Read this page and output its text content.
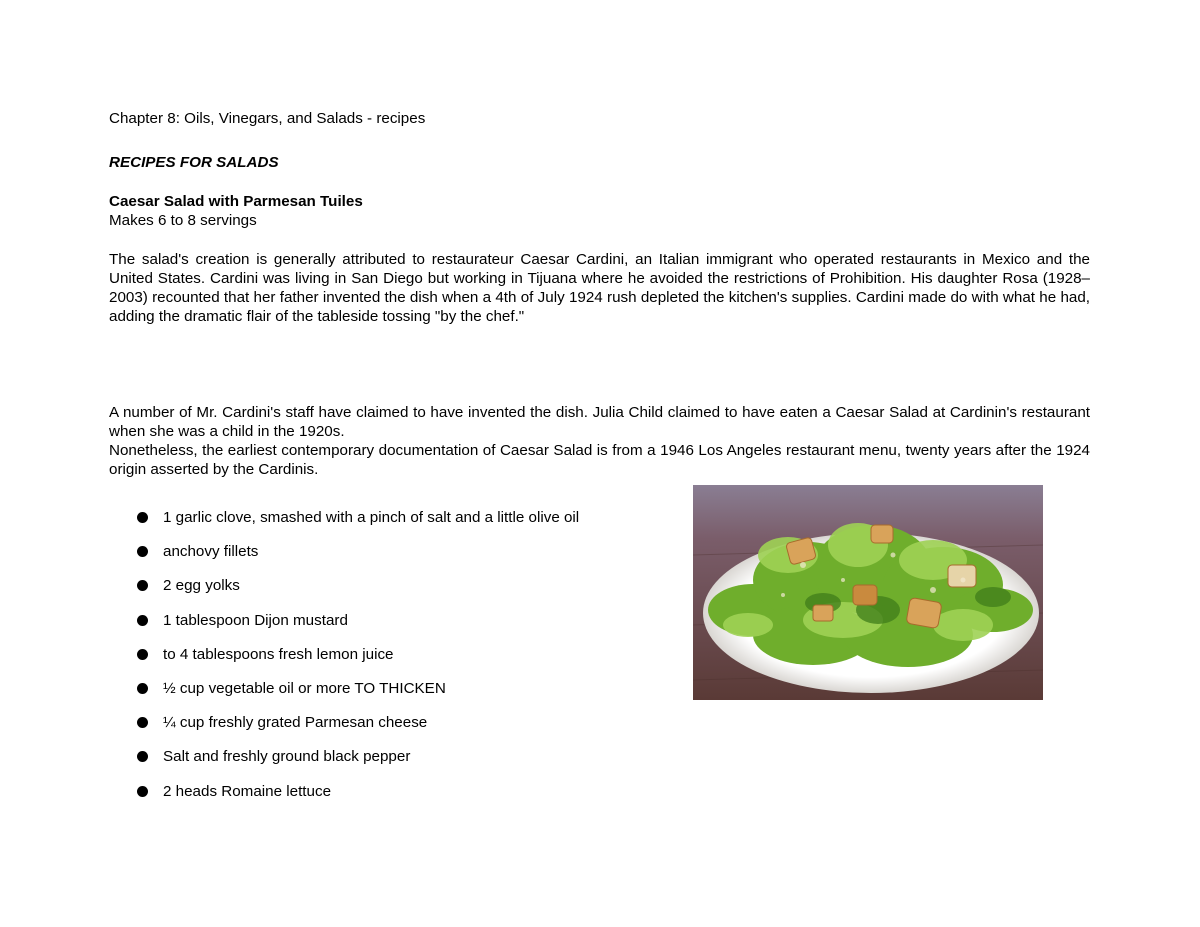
Chapter 8: Oils, Vinegars, and Salads - recipes

RECIPES FOR SALADS

Caesar Salad with Parmesan Tuiles

Makes 6 to 8 servings

The salad's creation is generally attributed to restaurateur Caesar Cardini, an Italian immigrant who operated restaurants in Mexico and the United States. Cardini was living in San Diego but working in Tijuana where he avoided the restrictions of Prohibition. His daughter Rosa (1928–2003) recounted that her father invented the dish when a 4th of July 1924 rush depleted the kitchen's supplies. Cardini made do with what he had, adding the dramatic flair of the tableside tossing "by the chef."

A number of Mr. Cardini's staff have claimed to have invented the dish. Julia Child claimed to have eaten a Caesar Salad at Cardinin's restaurant when she was a child in the 1920s.

Nonetheless, the earliest contemporary documentation of Caesar Salad is from a 1946 Los Angeles restaurant menu, twenty years after the 1924 origin asserted by the Cardinis.

1 garlic clove, smashed with a pinch of salt and a little olive oil
anchovy fillets
2 egg yolks
1 tablespoon Dijon mustard
to 4 tablespoons fresh lemon juice
½ cup vegetable oil or more TO THICKEN
¼ cup freshly grated Parmesan cheese
Salt and freshly ground black pepper
2 heads Romaine lettuce
